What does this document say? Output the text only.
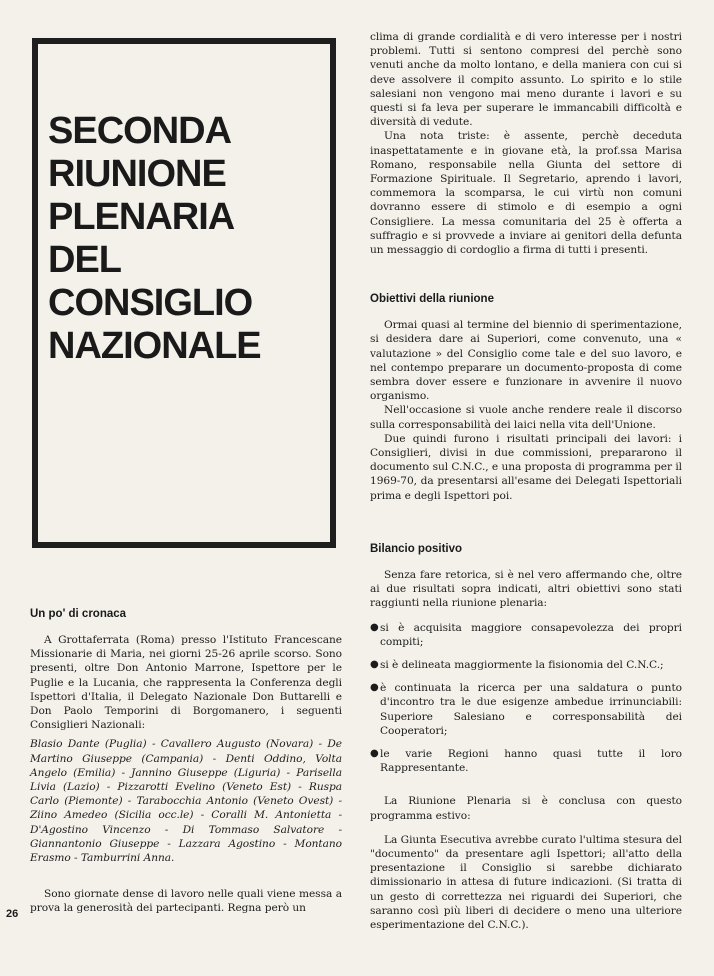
SECONDA
RIUNIONE
PLENARIA
DEL
CONSIGLIO
NAZIONALE
Un po' di cronaca

A Grottaferrata (Roma) presso l'Istituto Francescane Missionarie di Maria, nei giorni 25-26 aprile scorso. Sono presenti, oltre Don Antonio Marrone, Ispettore per le Puglie e la Lucania, che rappresenta la Conferenza degli Ispettori d'Italia, il Delegato Nazionale Don Buttarelli e Don Paolo Temporini di Borgomanero, i seguenti Consiglieri Nazionali:

Blasio Dante (Puglia) - Cavallero Augusto (Novara) - De Martino Giuseppe (Campania) - Denti Oddino, Volta Angelo (Emilia) - Jannino Giuseppe (Liguria) - Parisella Livia (Lazio) - Pizzarotti Evelino (Veneto Est) - Ruspa Carlo (Piemonte) - Tarabocchia Antonio (Veneto Ovest) - Ziino Amedeo (Sicilia occ.le) - Coralli M. Antonietta - D'Agostino Vincenzo - Di Tommaso Salvatore - Giannantonio Giuseppe - Lazzara Agostino - Montano Erasmo - Tamburrini Anna.

Sono giornate dense di lavoro nelle quali viene messa a prova la generosità dei partecipanti. Regna però un

26

clima di grande cordialità e di vero interesse per i nostri problemi. Tutti si sentono compresi del perchè sono venuti anche da molto lontano, e della maniera con cui si deve assolvere il compito assunto. Lo spirito e lo stile salesiani non vengono mai meno durante i lavori e su questi si fa leva per superare le immancabili difficoltà e diversità di vedute.

Una nota triste: è assente, perchè deceduta inaspettatamente e in giovane età, la prof.ssa Marisa Romano, responsabile nella Giunta del settore di Formazione Spirituale. Il Segretario, aprendo i lavori, commemora la scomparsa, le cui virtù non comuni dovranno essere di stimolo e di esempio a ogni Consigliere. La messa comunitaria del 25 è offerta a suffragio e si provvede a inviare ai genitori della defunta un messaggio di cordoglio a firma di tutti i presenti.

Obiettivi della riunione

Ormai quasi al termine del biennio di sperimentazione, si desidera dare ai Superiori, come convenuto, una « valutazione » del Consiglio come tale e del suo lavoro, e nel contempo preparare un documento-proposta di come sembra dover essere e funzionare in avvenire il nuovo organismo.

Nell'occasione si vuole anche rendere reale il discorso sulla corresponsabilità dei laici nella vita dell'Unione.

Due quindi furono i risultati principali dei lavori: i Consiglieri, divisi in due commissioni, prepararono il documento sul C.N.C., e una proposta di programma per il 1969-70, da presentarsi all'esame dei Delegati Ispettoriali prima e degli Ispettori poi.

Bilancio positivo

Senza fare retorica, si è nel vero affermando che, oltre ai due risultati sopra indicati, altri obiettivi sono stati raggiunti nella riunione plenaria:

● si è acquisita maggiore consapevolezza dei propri compiti;

● si è delineata maggiormente la fisionomia del C.N.C.;

● è continuata la ricerca per una saldatura o punto d'incontro tra le due esigenze ambedue irrinunciabili: Superiore Salesiano e corresponsabilità dei Cooperatori;

● le varie Regioni hanno quasi tutte il loro Rappresentante.

La Riunione Plenaria si è conclusa con questo programma estivo:

La Giunta Esecutiva avrebbe curato l'ultima stesura del "documento" da presentare agli Ispettori; all'atto della presentazione il Consiglio si sarebbe dichiarato dimissionario in attesa di future indicazioni. (Si tratta di un gesto di correttezza nei riguardi dei Superiori, che saranno così più liberi di decidere o meno una ulteriore esperimentazione del C.N.C.).
